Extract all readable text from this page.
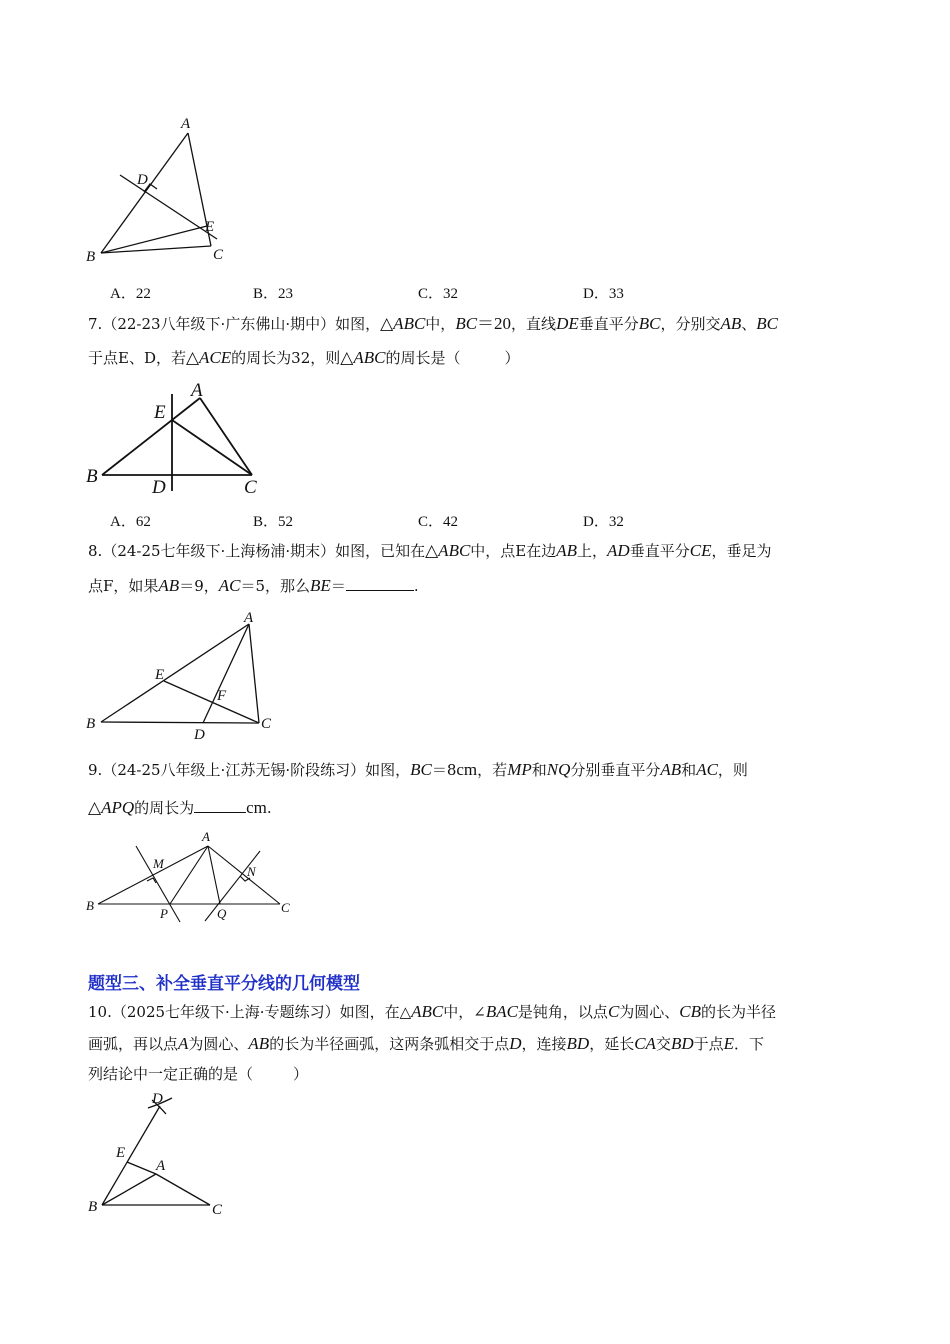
A
D
E
B	C
A．22	B．23	C．32	D．33
7.（22-23八年级下·广东佛山·期中）如图，△ABC中，BC＝20，直线DE垂直平分BC，分别交AB、BC
于点E、D，若△ACE的周长为32，则△ABC的周长是（	）
A
E
B
D	C
A．62	B．52	C．42	D．32
8.（24-25七年级下·上海杨浦·期末）如图，已知在△ABC中，点E在边AB上，AD垂直平分CE，垂足为
点F，如果AB＝9，AC＝5，那么BE＝	.
A
E
F
B	C
D
9.（24-25八年级上·江苏无锡·阶段练习）如图，BC＝8cm，若MP和NQ分别垂直平分AB和AC，则
△APQ的周长为	cm.
A
M
N
B
P	Q	C
题型三、补全垂直平分线的几何模型
10.（2025七年级下·上海·专题练习）如图，在△ABC中，∠BAC是钝角，以点C为圆心、CB的长为半径
画弧，再以点A为圆心、AB的长为半径画弧，这两条弧相交于点D，连接BD，延长CA交BD于点E．下
列结论中一定正确的是（	）
D
E
A
B	C
